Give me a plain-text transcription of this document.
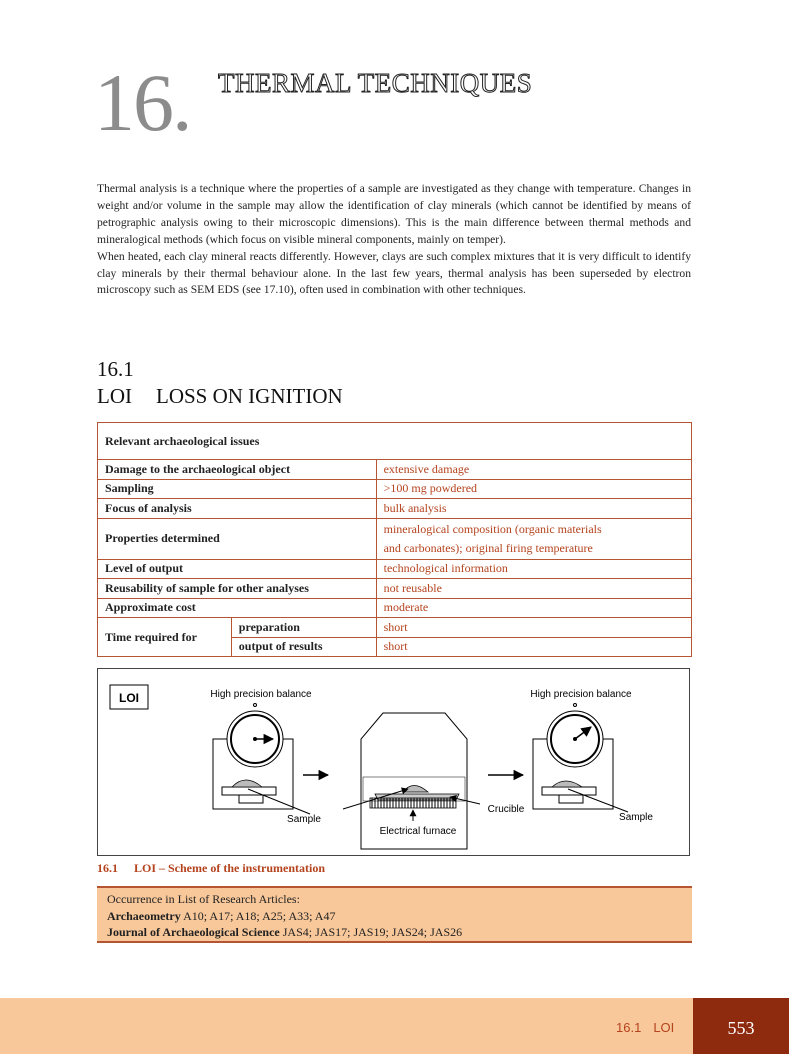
16. THERMAL TECHNIQUES

Thermal analysis is a technique where the properties of a sample are investigated as they change with temperature. Changes in weight and/or volume in the sample may allow the identification of clay minerals (which cannot be identified by means of petrographic analysis owing to their microscopic dimensions). This is the main difference between thermal methods and mineralogical methods (which focus on visible mineral components, mainly on temper).

When heated, each clay mineral reacts differently. However, clays are such complex mixtures that it is very difficult to identify clay minerals by their thermal behaviour alone. In the last few years, thermal analysis has been superseded by electron microscopy such as SEM EDS (see 17.10), often used in combination with other techniques.

16.1
LOI LOSS ON IGNITION
Relevant archaeological issues		
Damage to the archaeological object		extensive damage
Sampling		>100 mg powdered
Focus of analysis		bulk analysis
Properties determined		mineralogical composition (organic materials
and carbonates); original firing temperature

Level of output		technological information
Reusability of sample for other analyses		not reusable
Approximate cost		moderate
Time required for	preparation	short
	output of results	short
LOI	High precision balance
Sample
Electrical furnace
Crucible
High precision balance
Sample
16.1 LOI – Scheme of the instrumentation
Occurrence in List of Research Articles:
Archaeometry A10; A17; A18; A25; A33; A47
Journal of Archaeological Science JAS4; JAS17; JAS19; JAS24; JAS26
16.1 LOI	553
